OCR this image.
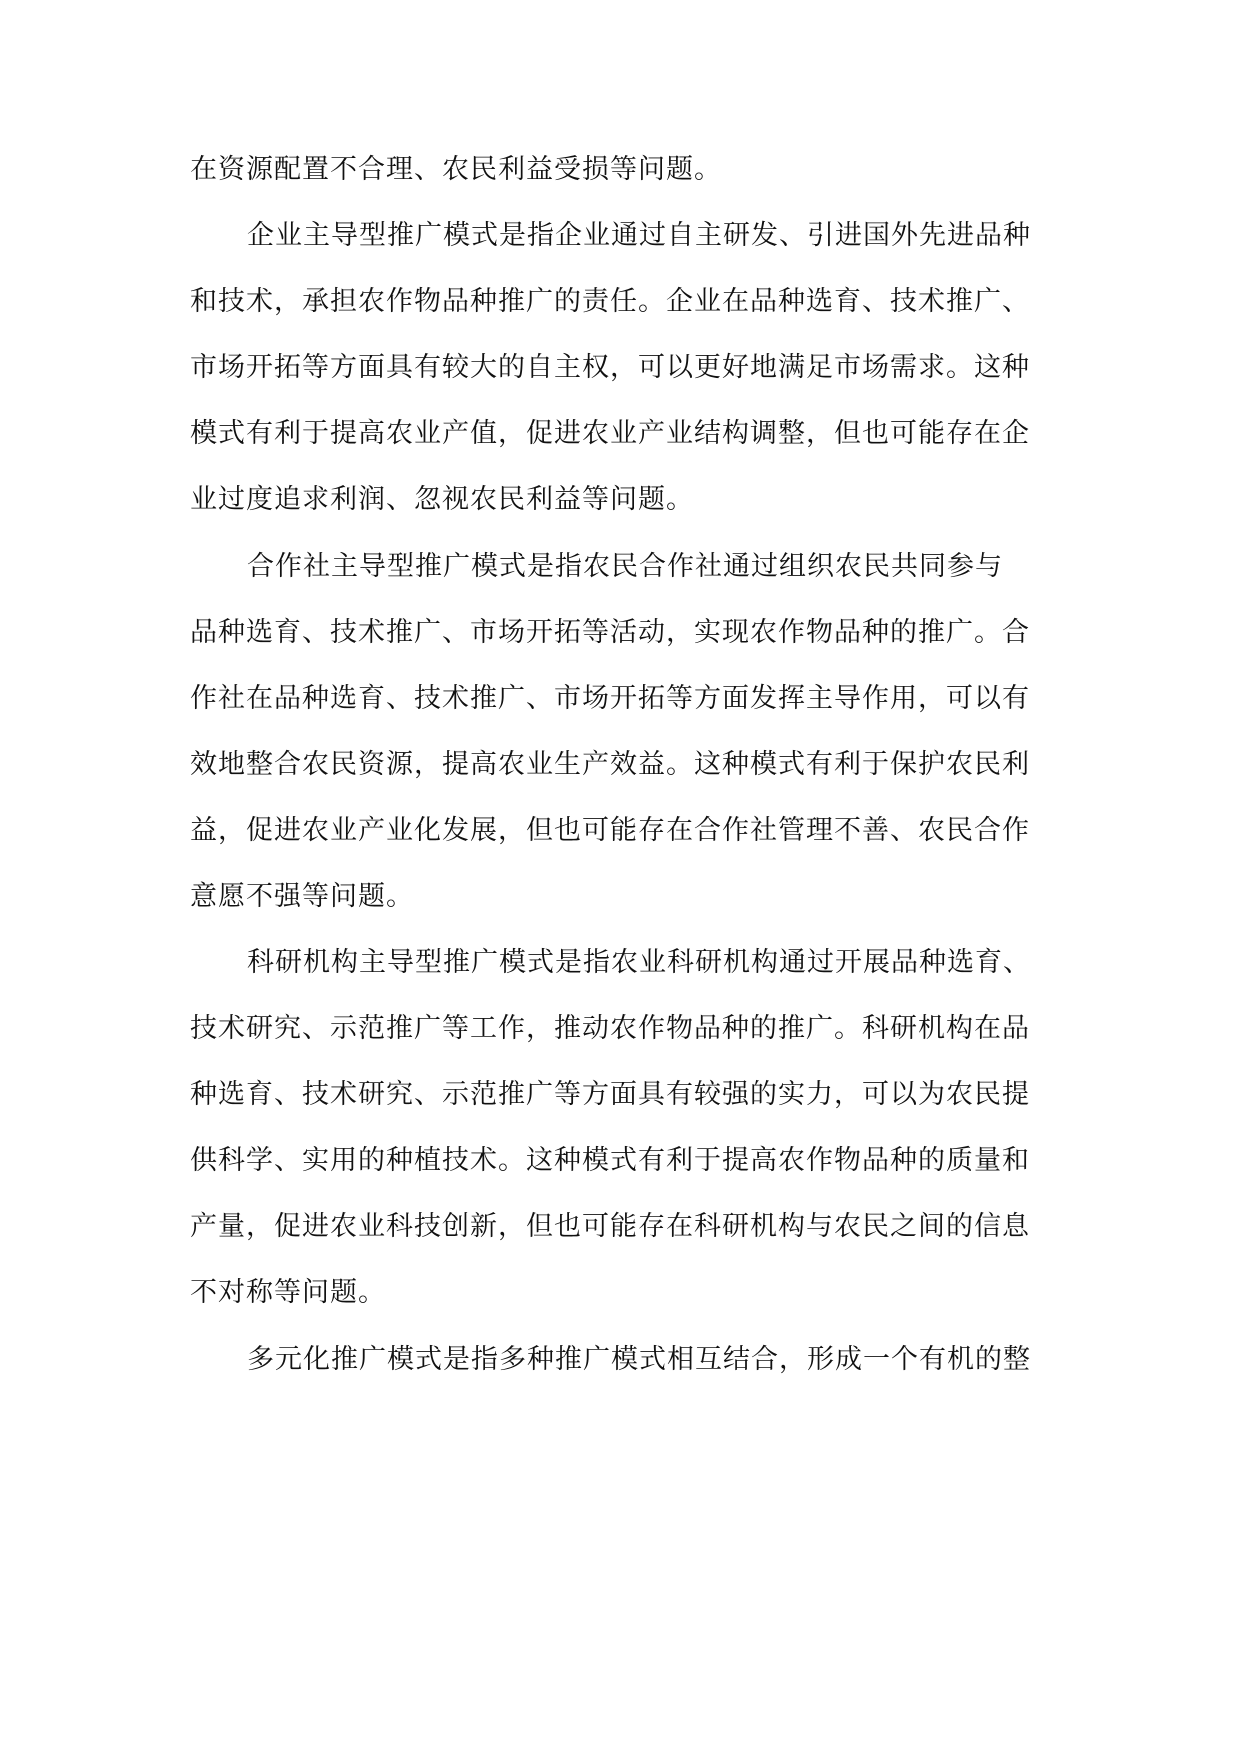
在资源配置不合理、农民利益受损等问题。
企业主导型推广模式是指企业通过自主研发、引进国外先进品种
和技术，承担农作物品种推广的责任。企业在品种选育、技术推广、
市场开拓等方面具有较大的自主权，可以更好地满足市场需求。这种
模式有利于提高农业产值，促进农业产业结构调整，但也可能存在企
业过度追求利润、忽视农民利益等问题。
合作社主导型推广模式是指农民合作社通过组织农民共同参与
品种选育、技术推广、市场开拓等活动，实现农作物品种的推广。合
作社在品种选育、技术推广、市场开拓等方面发挥主导作用，可以有
效地整合农民资源，提高农业生产效益。这种模式有利于保护农民利
益，促进农业产业化发展，但也可能存在合作社管理不善、农民合作
意愿不强等问题。
科研机构主导型推广模式是指农业科研机构通过开展品种选育、
技术研究、示范推广等工作，推动农作物品种的推广。科研机构在品
种选育、技术研究、示范推广等方面具有较强的实力，可以为农民提
供科学、实用的种植技术。这种模式有利于提高农作物品种的质量和
产量，促进农业科技创新，但也可能存在科研机构与农民之间的信息
不对称等问题。
多元化推广模式是指多种推广模式相互结合，形成一个有机的整
